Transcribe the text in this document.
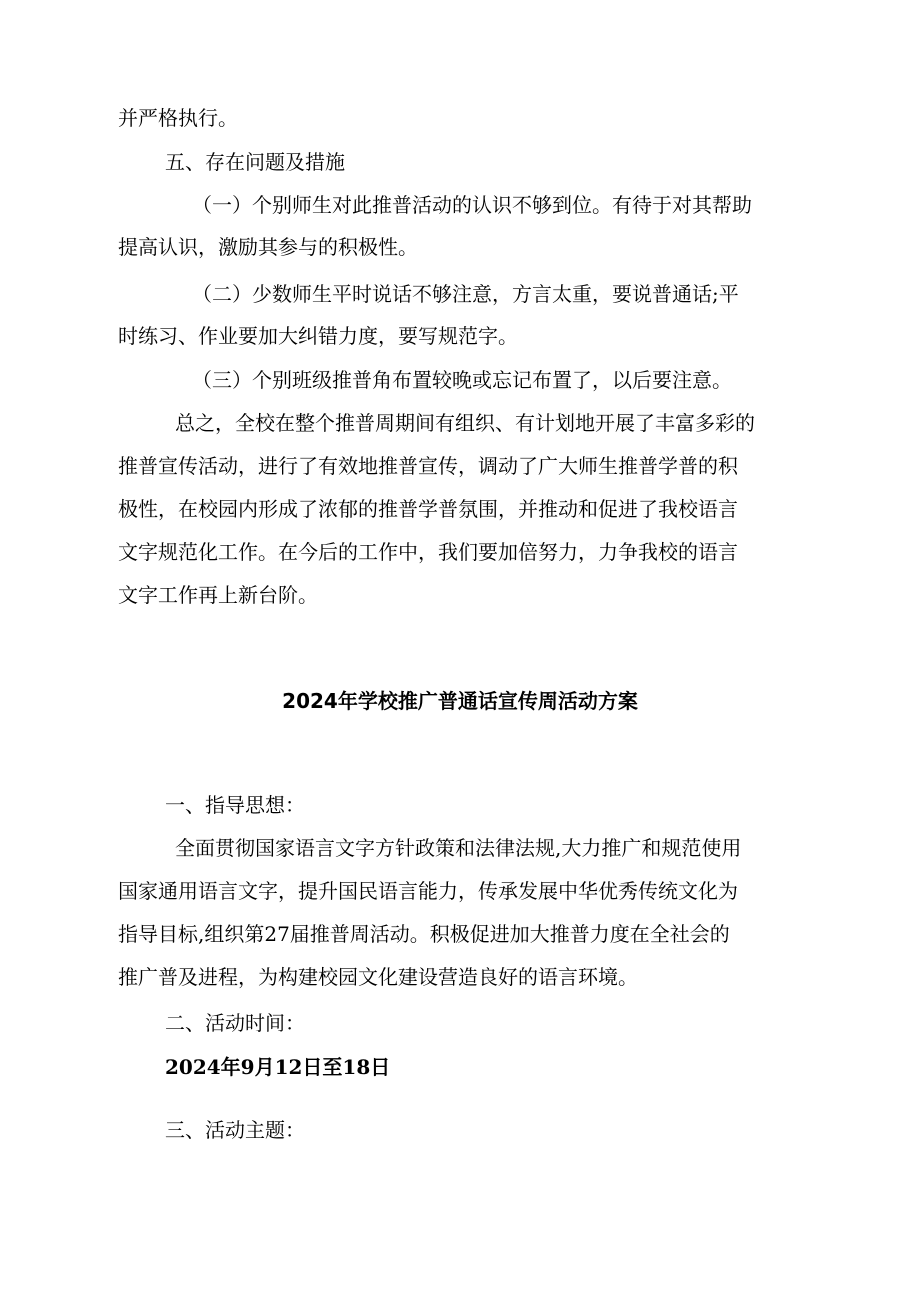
并严格执行。
五、存在问题及措施
（一）个别师生对此推普活动的认识不够到位。有待于对其帮助
提高认识，激励其参与的积极性。
（二）少数师生平时说话不够注意，方言太重，要说普通话;平
时练习、作业要加大纠错力度，要写规范字。
（三）个别班级推普角布置较晚或忘记布置了，以后要注意。
总之，全校在整个推普周期间有组织、有计划地开展了丰富多彩的
推普宣传活动，进行了有效地推普宣传，调动了广大师生推普学普的积
极性，在校园内形成了浓郁的推普学普氛围，并推动和促进了我校语言
文字规范化工作。在今后的工作中，我们要加倍努力，力争我校的语言
文字工作再上新台阶。
2024年学校推广普通话宣传周活动方案
一、指导思想：
全面贯彻国家语言文字方针政策和法律法规,大力推广和规范使用
国家通用语言文字，提升国民语言能力，传承发展中华优秀传统文化为
指导目标,组织第27届推普周活动。积极促进加大推普力度在全社会的
推广普及进程，为构建校园文化建设营造良好的语言环境。
二、活动时间：
2024年9月12日至18日
三、活动主题：
